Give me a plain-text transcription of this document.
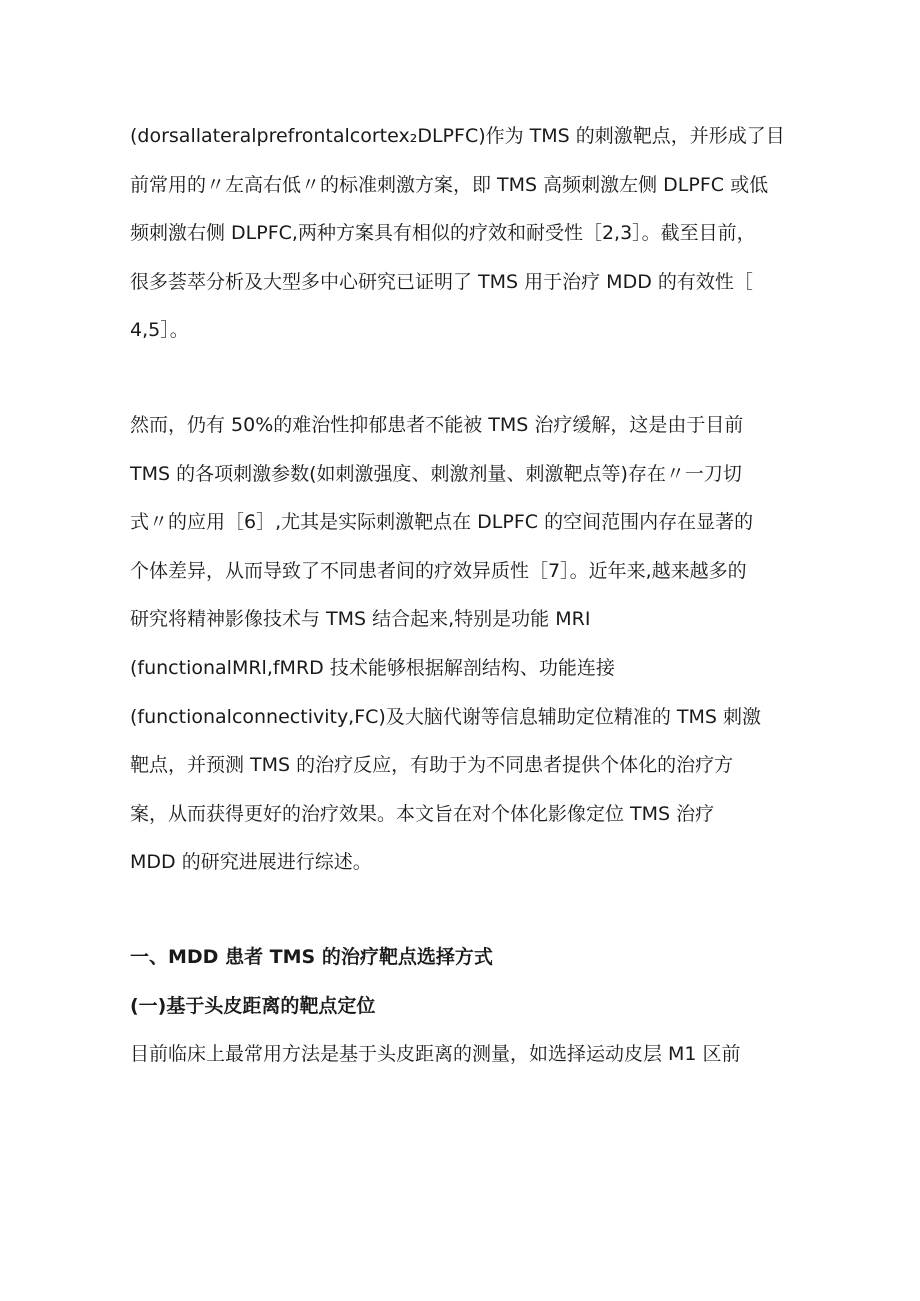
(dorsallateralprefrontalcortex₂DLPFC)作为 TMS 的刺激靶点，并形成了目
前常用的〃左高右低〃的标准刺激方案，即 TMS 高频刺激左侧 DLPFC 或低
频刺激右侧 DLPFC,两种方案具有相似的疗效和耐受性［2,3］。截至目前，
很多荟萃分析及大型多中心研究已证明了 TMS 用于治疗 MDD 的有效性［
4,5］。
然而，仍有 50%的难治性抑郁患者不能被 TMS 治疗缓解，这是由于目前
TMS 的各项刺激参数(如刺激强度、刺激剂量、刺激靶点等)存在〃一刀切
式〃的应用［6］,尤其是实际刺激靶点在 DLPFC 的空间范围内存在显著的
个体差异，从而导致了不同患者间的疗效异质性［7］。近年来,越来越多的
研究将精神影像技术与 TMS 结合起来,特别是功能 MRI
(functionalMRl,fMRD 技术能够根据解剖结构、功能连接
(functionalconnectivity,FC)及大脑代谢等信息辅助定位精准的 TMS 刺激
靶点，并预测 TMS 的治疗反应，有助于为不同患者提供个体化的治疗方
案，从而获得更好的治疗效果。本文旨在对个体化影像定位 TMS 治疗
MDD 的研究进展进行综述。
一、MDD 患者 TMS 的治疗靶点选择方式
(一)基于头皮距离的靶点定位

目前临床上最常用方法是基于头皮距离的测量，如选择运动皮层 M1 区前
